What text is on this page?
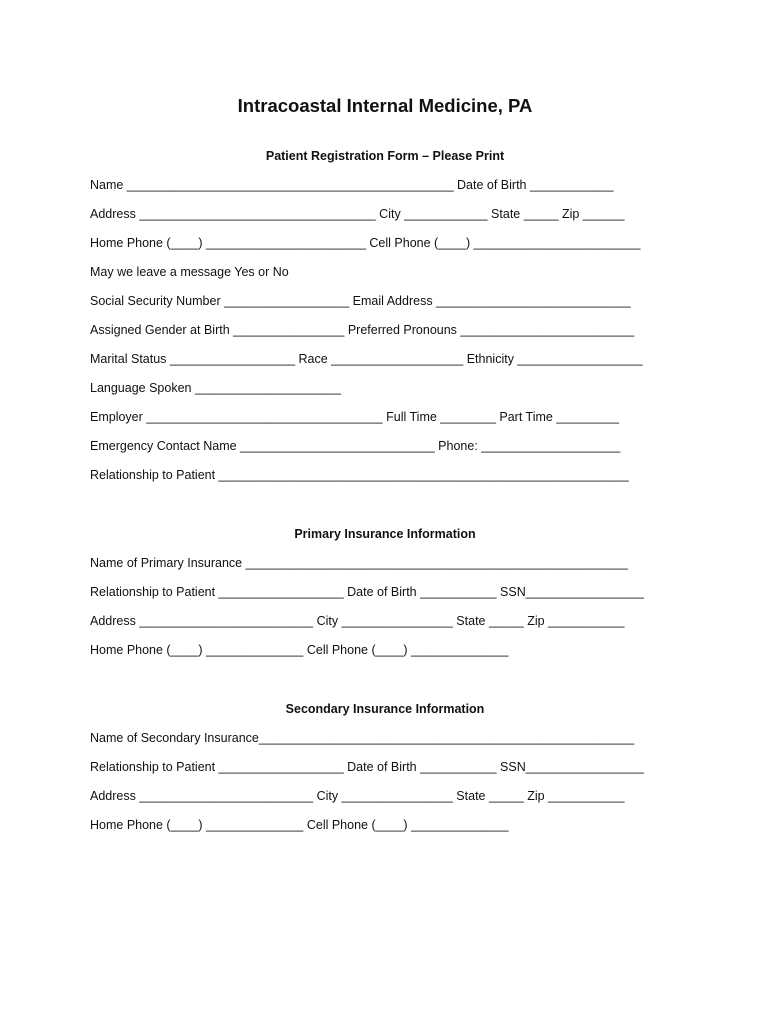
Intracoastal Internal Medicine, PA
Patient Registration Form – Please Print
Name _______________________________________________ Date of Birth ____________
Address __________________________________ City ____________ State _____ Zip ______
Home Phone (____) _______________________ Cell Phone (____) ________________________
May we leave a message Yes or No
Social Security Number __________________ Email Address ____________________________
Assigned Gender at Birth ________________ Preferred Pronouns _________________________
Marital Status __________________ Race ___________________ Ethnicity __________________
Language Spoken _____________________
Employer __________________________________ Full Time ________ Part Time _________
Emergency Contact Name ____________________________ Phone: ____________________
Relationship to Patient ___________________________________________________________
Primary Insurance Information
Name of Primary Insurance _______________________________________________________
Relationship to Patient __________________ Date of Birth ___________ SSN_________________
Address _________________________ City ________________ State _____ Zip ___________
Home Phone (____) ______________ Cell Phone (____) ______________
Secondary Insurance Information
Name of Secondary Insurance______________________________________________________
Relationship to Patient __________________ Date of Birth ___________ SSN_________________
Address _________________________ City ________________ State _____ Zip ___________
Home Phone (____) ______________ Cell Phone (____) ______________
